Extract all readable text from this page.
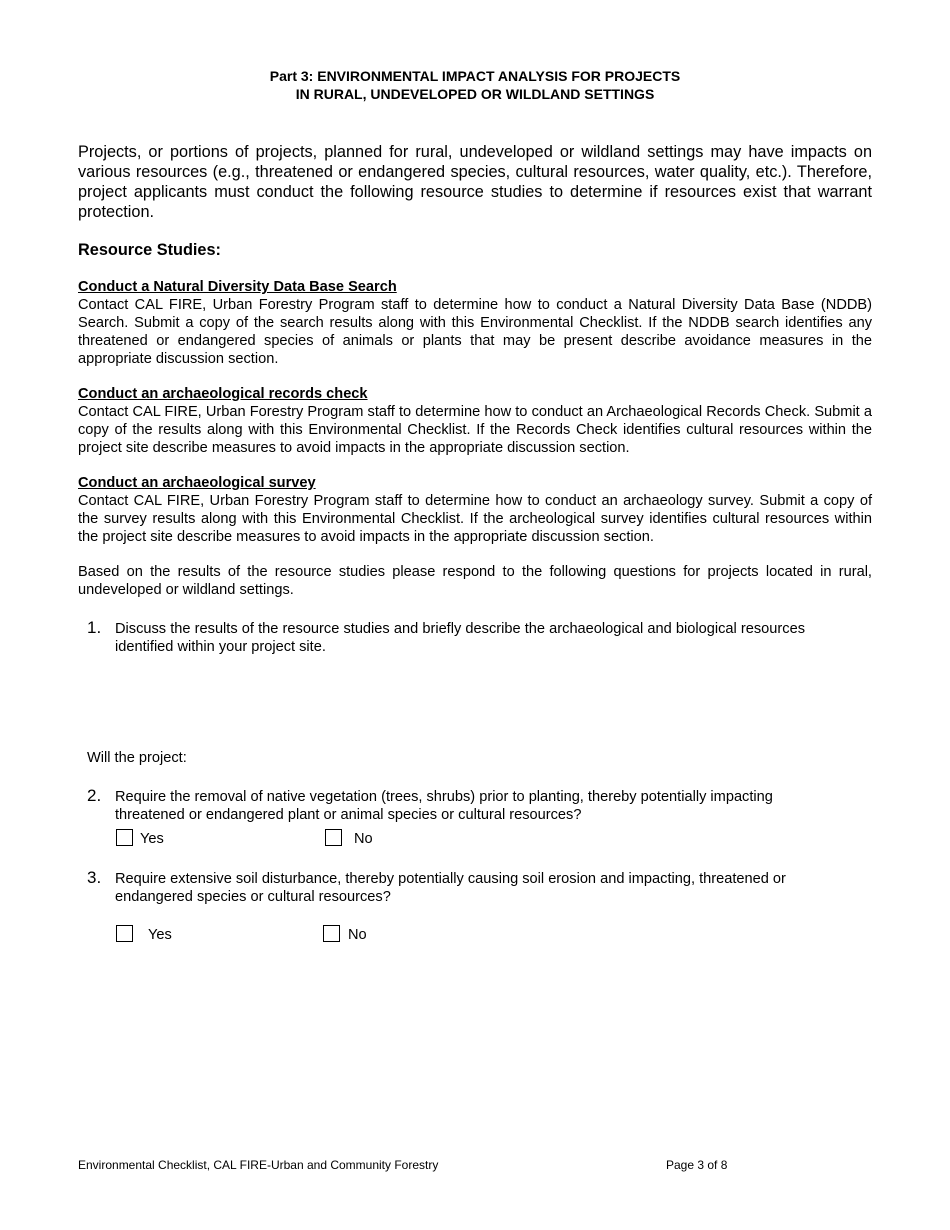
Part 3: ENVIRONMENTAL IMPACT ANALYSIS FOR PROJECTS
IN RURAL, UNDEVELOPED OR WILDLAND SETTINGS
Projects, or portions of projects, planned for rural, undeveloped or wildland settings may have impacts on various resources (e.g., threatened or endangered species, cultural resources, water quality, etc.). Therefore, project applicants must conduct the following resource studies to determine if resources exist that warrant protection.
Resource Studies:
Conduct a Natural Diversity Data Base Search
Contact CAL FIRE, Urban Forestry Program staff to determine how to conduct a Natural Diversity Data Base (NDDB) Search. Submit a copy of the search results along with this Environmental Checklist. If the NDDB search identifies any threatened or endangered species of animals or plants that may be present describe avoidance measures in the appropriate discussion section.
Conduct an archaeological records check
Contact CAL FIRE, Urban Forestry Program staff to determine how to conduct an Archaeological Records Check. Submit a copy of the results along with this Environmental Checklist. If the Records Check identifies cultural resources within the project site describe measures to avoid impacts in the appropriate discussion section.
Conduct an archaeological survey
Contact CAL FIRE, Urban Forestry Program staff to determine how to conduct an archaeology survey. Submit a copy of the survey results along with this Environmental Checklist. If the archeological survey identifies cultural resources within the project site describe measures to avoid impacts in the appropriate discussion section.
Based on the results of the resource studies please respond to the following questions for projects located in rural, undeveloped or wildland settings.
1. Discuss the results of the resource studies and briefly describe the archaeological and biological resources identified within your project site.
Will the project:
2. Require the removal of native vegetation (trees, shrubs) prior to planting, thereby potentially impacting threatened or endangered plant or animal species or cultural resources?
Yes	No
3. Require extensive soil disturbance, thereby potentially causing soil erosion and impacting, threatened or endangered species or cultural resources?
Yes	No
Environmental Checklist, CAL FIRE-Urban and Community Forestry	Page 3 of 8
